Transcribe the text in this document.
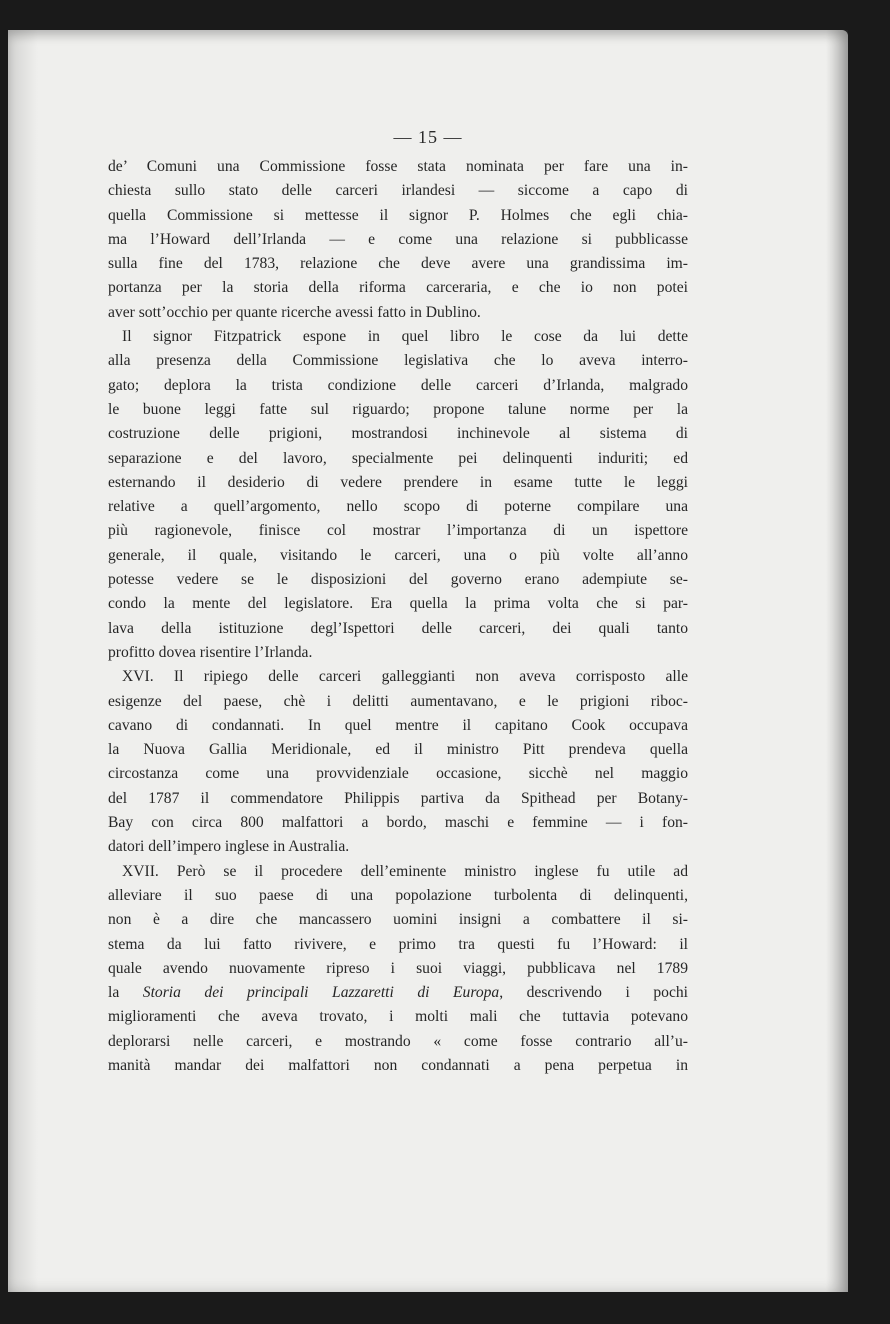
— 15 —
de’ Comuni una Commissione fosse stata nominata per fare una in-
chiesta sullo stato delle carceri irlandesi — siccome a capo di
quella Commissione si mettesse il signor P. Holmes che egli chia-
ma l’Howard dell’Irlanda — e come una relazione si pubblicasse
sulla fine del 1783, relazione che deve avere una grandissima im-
portanza per la storia della riforma carceraria, e che io non potei
aver sott’occhio per quante ricerche avessi fatto in Dublino.
Il signor Fitzpatrick espone in quel libro le cose da lui dette
alla presenza della Commissione legislativa che lo aveva interro-
gato; deplora la trista condizione delle carceri d’Irlanda, malgrado
le buone leggi fatte sul riguardo; propone talune norme per la
costruzione delle prigioni, mostrandosi inchinevole al sistema di
separazione e del lavoro, specialmente pei delinquenti induriti; ed
esternando il desiderio di vedere prendere in esame tutte le leggi
relative a quell’argomento, nello scopo di poterne compilare una
più ragionevole, finisce col mostrar l’importanza di un ispettore
generale, il quale, visitando le carceri, una o più volte all’anno
potesse vedere se le disposizioni del governo erano adempiute se-
condo la mente del legislatore. Era quella la prima volta che si par-
lava della istituzione degl’Ispettori delle carceri, dei quali tanto
profitto dovea risentire l’Irlanda.
XVI. Il ripiego delle carceri galleggianti non aveva corrisposto alle
esigenze del paese, chè i delitti aumentavano, e le prigioni riboc-
cavano di condannati. In quel mentre il capitano Cook occupava
la Nuova Gallia Meridionale, ed il ministro Pitt prendeva quella
circostanza come una provvidenziale occasione, sicchè nel maggio
del 1787 il commendatore Philippis partiva da Spithead per Botany-
Bay con circa 800 malfattori a bordo, maschi e femmine — i fon-
datori dell’impero inglese in Australia.
XVII. Però se il procedere dell’eminente ministro inglese fu utile ad
alleviare il suo paese di una popolazione turbolenta di delinquenti,
non è a dire che mancassero uomini insigni a combattere il si-
stema da lui fatto rivivere, e primo tra questi fu l’Howard: il
quale avendo nuovamente ripreso i suoi viaggi, pubblicava nel 1789
la Storia dei principali Lazzaretti di Europa, descrivendo i pochi
miglioramenti che aveva trovato, i molti mali che tuttavia potevano
deplorarsi nelle carceri, e mostrando « come fosse contrario all’u-
manità mandar dei malfattori non condannati a pena perpetua in
